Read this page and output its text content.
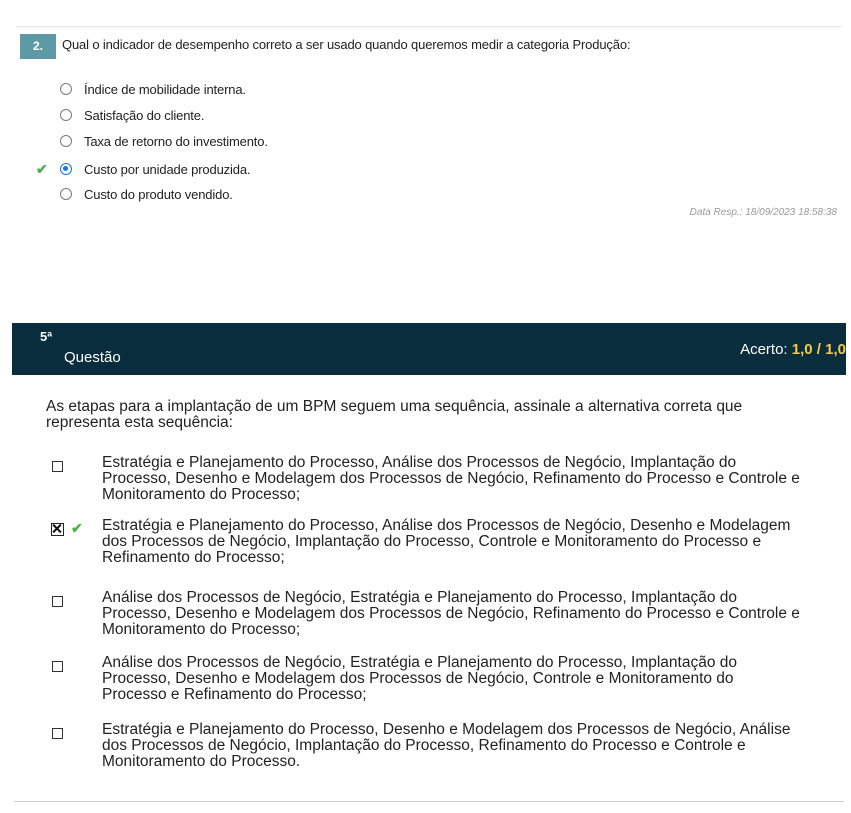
2.	Qual o indicador de desempenho correto a ser usado quando queremos medir a categoria Produção:
Índice de mobilidade interna.
Satisfação do cliente.
Taxa de retorno do investimento.
✔	Custo por unidade produzida.
Custo do produto vendido.
Data Resp.: 18/09/2023 18:58:38
5ª
Questão	Acerto: 1,0 / 1,0
As etapas para a implantação de um BPM seguem uma sequência, assinale a alternativa correta que representa esta sequência:
Estratégia e Planejamento do Processo, Análise dos Processos de Negócio, Implantação do Processo, Desenho e Modelagem dos Processos de Negócio, Refinamento do Processo e Controle e Monitoramento do Processo;
Estratégia e Planejamento do Processo, Análise dos Processos de Negócio, Desenho e Modelagem dos Processos de Negócio, Implantação do Processo, Controle e Monitoramento do Processo e Refinamento do Processo;
✔
Análise dos Processos de Negócio, Estratégia e Planejamento do Processo, Implantação do Processo, Desenho e Modelagem dos Processos de Negócio, Refinamento do Processo e Controle e Monitoramento do Processo;
Análise dos Processos de Negócio, Estratégia e Planejamento do Processo, Implantação do Processo, Desenho e Modelagem dos Processos de Negócio, Controle e Monitoramento do Processo e Refinamento do Processo;
Estratégia e Planejamento do Processo, Desenho e Modelagem dos Processos de Negócio, Análise dos Processos de Negócio, Implantação do Processo, Refinamento do Processo e Controle e Monitoramento do Processo.
